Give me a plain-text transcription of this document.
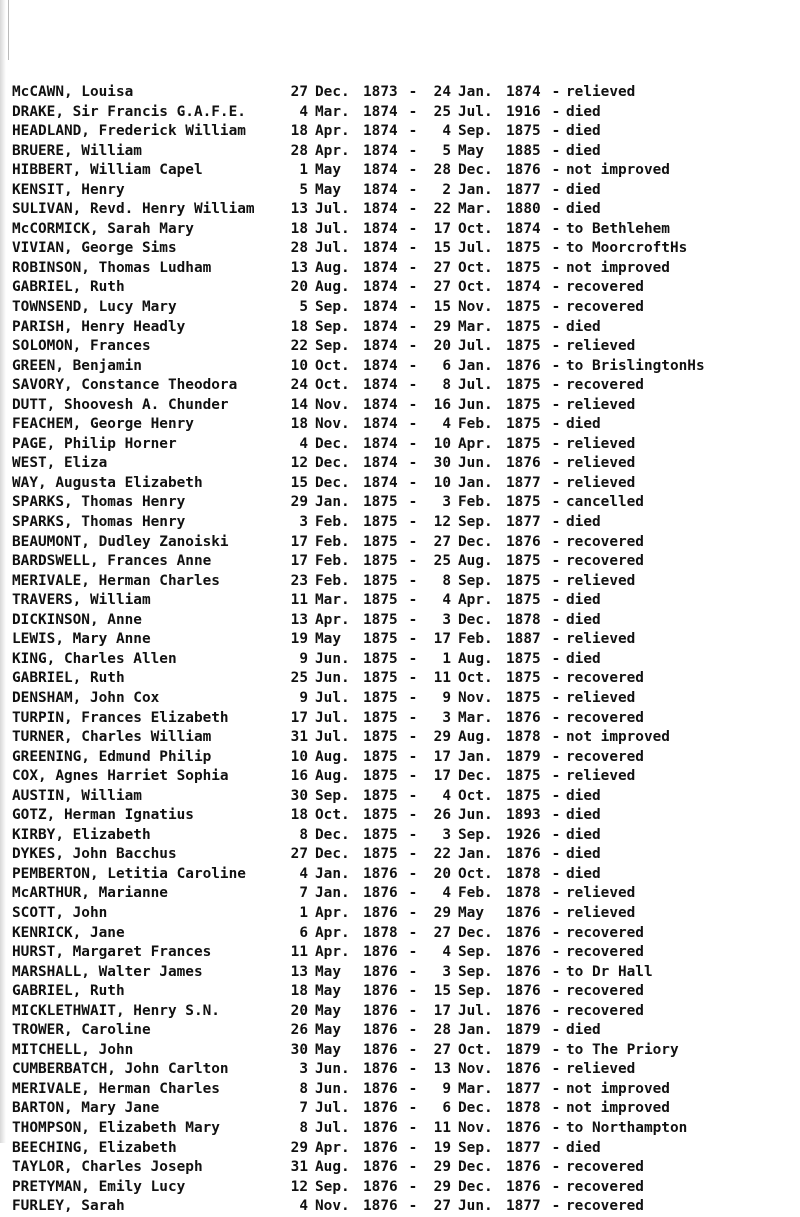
McCAWN, Louisa	27 Dec. 1873 -	24 Jan. 1874 - relieved
DRAKE, Sir Francis G.A.F.E.	4 Mar. 1874 -	25 Jul. 1916 - died
HEADLAND, Frederick William	18 Apr. 1874 -	4 Sep. 1875 - died
BRUERE, William	28 Apr. 1874 -	5 May	1885 - died
HIBBERT, William Capel	1 May	1874 -	28 Dec. 1876 - not improved
KENSIT, Henry	5 May	1874 -	2 Jan. 1877 - died
SULIVAN, Revd. Henry William	13 Jul. 1874 -	22 Mar. 1880 - died
McCORMICK, Sarah Mary	18 Jul. 1874 -	17 Oct. 1874 - to Bethlehem
VIVIAN, George Sims	28 Jul. 1874 -	15 Jul. 1875 - to MoorcroftHs
ROBINSON, Thomas Ludham	13 Aug. 1874 -	27 Oct. 1875 - not improved
GABRIEL, Ruth	20 Aug. 1874 -	27 Oct. 1874 - recovered
TOWNSEND, Lucy Mary	5 Sep. 1874 -	15 Nov. 1875 - recovered
PARISH, Henry Headly	18 Sep. 1874 -	29 Mar. 1875 - died
SOLOMON, Frances	22 Sep. 1874 -	20 Jul. 1875 - relieved
GREEN, Benjamin	10 Oct. 1874 -	6 Jan. 1876 - to BrislingtonHs
SAVORY, Constance Theodora	24 Oct. 1874 -	8 Jul. 1875 - recovered
DUTT, Shoovesh A. Chunder	14 Nov. 1874 -	16 Jun. 1875 - relieved
FEACHEM, George Henry	18 Nov. 1874 -	4 Feb. 1875 - died
PAGE, Philip Horner	4 Dec. 1874 -	10 Apr. 1875 - relieved
WEST, Eliza	12 Dec. 1874 -	30 Jun. 1876 - relieved
WAY, Augusta Elizabeth	15 Dec. 1874 -	10 Jan. 1877 - relieved
SPARKS, Thomas Henry	29 Jan. 1875 -	3 Feb. 1875 - cancelled
SPARKS, Thomas Henry	3 Feb. 1875 -	12 Sep. 1877 - died
BEAUMONT, Dudley Zanoiski	17 Feb. 1875 -	27 Dec. 1876 - recovered
BARDSWELL, Frances Anne	17 Feb. 1875 -	25 Aug. 1875 - recovered
MERIVALE, Herman Charles	23 Feb. 1875 -	8 Sep. 1875 - relieved
TRAVERS, William	11 Mar. 1875 -	4 Apr. 1875 - died
DICKINSON, Anne	13 Apr. 1875 -	3 Dec. 1878 - died
LEWIS, Mary Anne	19 May	1875 -	17 Feb. 1887 - relieved
KING, Charles Allen	9 Jun. 1875 -	1 Aug. 1875 - died
GABRIEL, Ruth	25 Jun. 1875 -	11 Oct. 1875 - recovered
DENSHAM, John Cox	9 Jul. 1875 -	9 Nov. 1875 - relieved
TURPIN, Frances Elizabeth	17 Jul. 1875 -	3 Mar. 1876 - recovered
TURNER, Charles William	31 Jul. 1875 -	29 Aug. 1878 - not improved
GREENING, Edmund Philip	10 Aug. 1875 -	17 Jan. 1879 - recovered
COX, Agnes Harriet Sophia	16 Aug. 1875 -	17 Dec. 1875 - relieved
AUSTIN, William	30 Sep. 1875 -	4 Oct. 1875 - died
GOTZ, Herman Ignatius	18 Oct. 1875 -	26 Jun. 1893 - died
KIRBY, Elizabeth	8 Dec. 1875 -	3 Sep. 1926 - died
DYKES, John Bacchus	27 Dec. 1875 -	22 Jan. 1876 - died
PEMBERTON, Letitia Caroline	4 Jan. 1876 -	20 Oct. 1878 - died
McARTHUR, Marianne	7 Jan. 1876 -	4 Feb. 1878 - relieved
SCOTT, John	1 Apr. 1876 -	29 May	1876 - relieved
KENRICK, Jane	6 Apr. 1878 -	27 Dec. 1876 - recovered
HURST, Margaret Frances	11 Apr. 1876 -	4 Sep. 1876 - recovered
MARSHALL, Walter James	13 May	1876 -	3 Sep. 1876 - to Dr Hall
GABRIEL, Ruth	18 May	1876 -	15 Sep. 1876 - recovered
MICKLETHWAIT, Henry S.N.	20 May	1876 -	17 Jul. 1876 - recovered
TROWER, Caroline	26 May	1876 -	28 Jan. 1879 - died
MITCHELL, John	30 May	1876 -	27 Oct. 1879 - to The Priory
CUMBERBATCH, John Carlton	3 Jun. 1876 -	13 Nov. 1876 - relieved
MERIVALE, Herman Charles	8 Jun. 1876 -	9 Mar. 1877 - not improved
BARTON, Mary Jane	7 Jul. 1876 -	6 Dec. 1878 - not improved
THOMPSON, Elizabeth Mary	8 Jul. 1876 -	11 Nov. 1876 - to Northampton
BEECHING, Elizabeth	29 Apr. 1876 -	19 Sep. 1877 - died
TAYLOR, Charles Joseph	31 Aug. 1876 -	29 Dec. 1876 - recovered
PRETYMAN, Emily Lucy	12 Sep. 1876 -	29 Dec. 1876 - recovered
FURLEY, Sarah	4 Nov. 1876 -	27 Jun. 1877 - recovered
